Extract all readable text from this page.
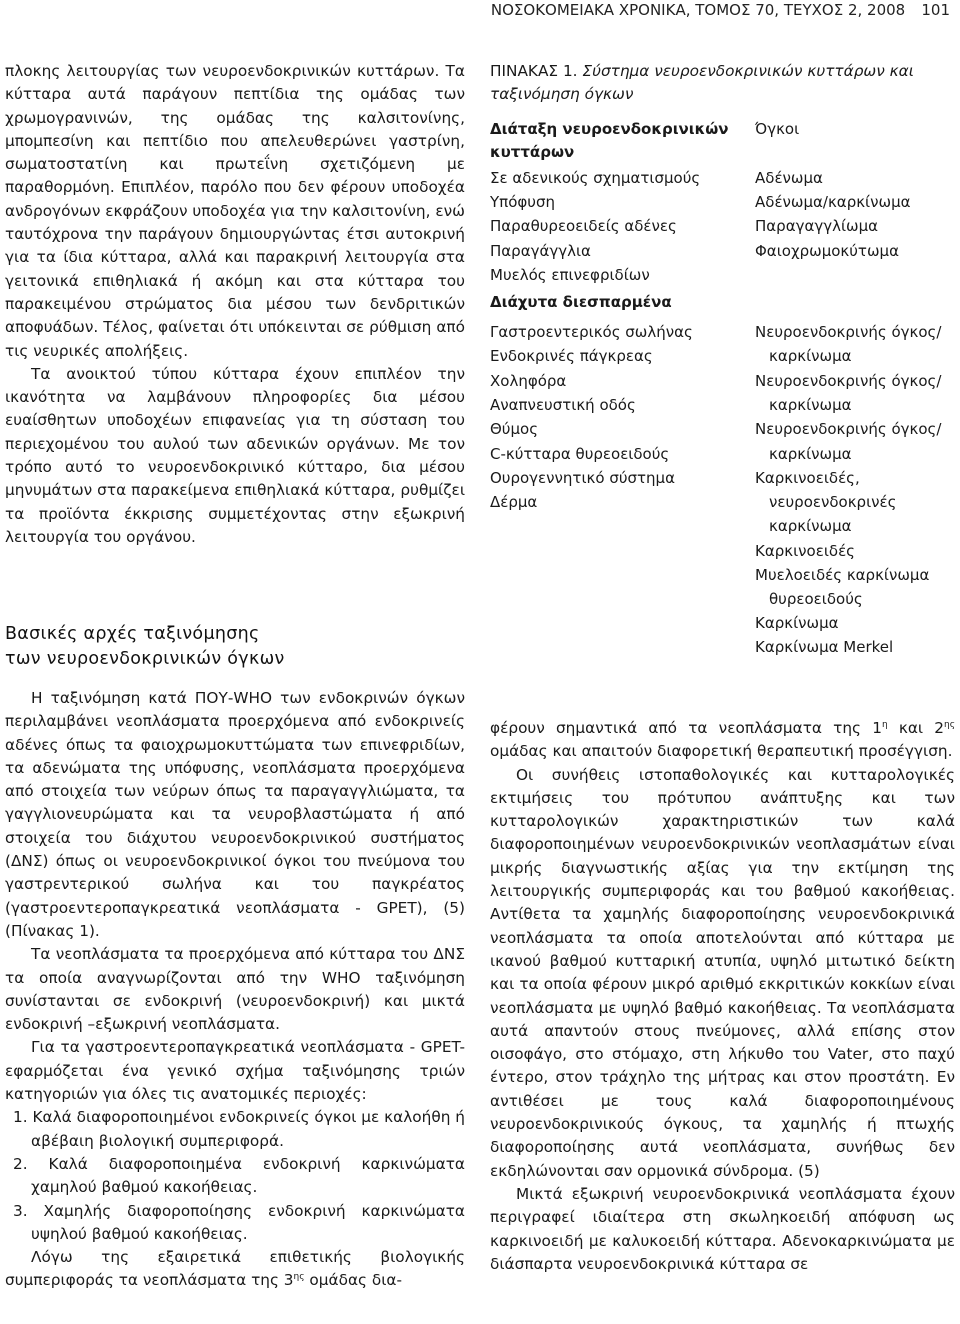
ΝΟΣΟΚΟΜΕΙΑΚΑ ΧΡΟΝΙΚΑ, ΤΟΜΟΣ 70, ΤΕΥΧΟΣ 2, 2008 101

πλοκης λειτουργίας των νευροενδοκρινικών κυττάρων. Τα κύτταρα αυτά παράγουν πεπτίδια της ομάδας των χρωμογρανινών, της ομάδας της καλσιτονίνης, μπομπεσίνη και πεπτίδιο που απελευθερώνει γαστρίνη, σωματοστατίνη και πρωτεΐνη σχετιζόμενη με παραθορμόνη. Επιπλέον, παρόλο που δεν φέρουν υποδοχέα ανδρογόνων εκφράζουν υποδοχέα για την καλσιτονίνη, ενώ ταυτόχρονα την παράγουν δημιουργώντας έτσι αυτοκρινή για τα ίδια κύτταρα, αλλά και παρακρινή λειτουργία στα γειτονικά επιθηλιακά ή ακόμη και στα κύτταρα του παρακειμένου στρώματος δια μέσου των δενδριτικών αποφυάδων. Τέλος, φαίνεται ότι υπόκεινται σε ρύθμιση από τις νευρικές απολήξεις.

Τα ανοικτού τύπου κύτταρα έχουν επιπλέον την ικανότητα να λαμβάνουν πληροφορίες δια μέσου ευαίσθητων υποδοχέων επιφανείας για τη σύσταση του περιεχομένου του αυλού των αδενικών οργάνων. Με τον τρόπο αυτό το νευροενδοκρινικό κύτταρο, δια μέσου μηνυμάτων στα παρακείμενα επιθηλιακά κύτταρα, ρυθμίζει τα προϊόντα έκκρισης συμμετέχοντας στην εξωκρινή λειτουργία του οργάνου.

Βασικές αρχές ταξινόμησης
των νευροενδοκρινικών όγκων
ΠΙΝΑΚΑΣ 1. Σύστημα νευροενδοκρινικών κυττάρων και ταξινόμηση όγκων
Διάταξη νευροενδοκρινικών
κυττάρων
Όγκοι
Σε αδενικούς σχηματισμούς
Υπόφυση
Παραθυρεοειδείς αδένες
Παραγάγγλια
Μυελός επινεφριδίων
Διάχυτα διεσπαρμένα
Γαστροεντερικός σωλήνας
Ενδοκρινές πάγκρεας
Χοληφόρα
Αναπνευστική οδός
Θύμος
C-κύτταρα θυρεοειδούς
Ουρογεννητικό σύστημα
Δέρμα
Αδένωμα
Αδένωμα/καρκίνωμα
Παραγαγγλίωμα
Φαιοχρωμοκύτωμα
Νευροενδοκρινής όγκος/
καρκίνωμα
Νευροενδοκρινής όγκος/
καρκίνωμα
Νευροενδοκρινής όγκος/
καρκίνωμα
Καρκινοειδές,
νευροενδοκρινές
καρκίνωμα
Καρκινοειδές
Μυελοειδές καρκίνωμα
θυρεοειδούς
Καρκίνωμα
Καρκίνωμα Merkel

Η ταξινόμηση κατά ΠΟΥ-WHO των ενδοκρινών όγκων περιλαμβάνει νεοπλάσματα προερχόμενα από ενδοκρινείς αδένες όπως τα φαιοχρωμοκυττώματα των επινεφριδίων, τα αδενώματα της υπόφυσης, νεοπλάσματα προερχόμενα από στοιχεία των νεύρων όπως τα παραγαγγλιώματα, τα γαγγλιονευρώματα και τα νευροβλαστώματα ή από στοιχεία του διάχυτου νευροενδοκρινικού συστήματος (ΔΝΣ) όπως οι νευροενδοκρινικοί όγκοι του πνεύμονα του γαστρεντερικού σωλήνα και του παγκρέατος (γαστροεντεροπαγκρεατικά νεοπλάσματα - GPET), (5) (Πίνακας 1).

Τα νεοπλάσματα τα προερχόμενα από κύτταρα του ΔΝΣ τα οποία αναγνωρίζονται από την WHO ταξινόμηση συνίστανται σε ενδοκρινή (νευροενδοκρινή) και μικτά ενδοκρινή –εξωκρινή νεοπλάσματα.

Για τα γαστροεντεροπαγκρεατικά νεοπλάσματα - GPET- εφαρμόζεται ένα γενικό σχήμα ταξινόμησης τριών κατηγοριών για όλες τις ανατομικές περιοχές:

1. Καλά διαφοροποιημένοι ενδοκρινείς όγκοι με καλοήθη ή αβέβαιη βιολογική συμπεριφορά.

2. Καλά διαφοροποιημένα ενδοκρινή καρκινώματα χαμηλού βαθμού κακοήθειας.

3. Χαμηλής διαφοροποίησης ενδοκρινή καρκινώματα υψηλού βαθμού κακοήθειας.

Λόγω της εξαιρετικά επιθετικής βιολογικής συμπεριφοράς τα νεοπλάσματα της $3^{\eta\varsigma}$ ομάδας δια-

φέρουν σημαντικά από τα νεοπλάσματα της $1^\eta$ και $2^{\eta\varsigma}$ ομάδας και απαιτούν διαφορετική θεραπευτική προσέγγιση.

Οι συνήθεις ιστοπαθολογικές και κυτταρολογικές εκτιμήσεις του πρότυπου ανάπτυξης και των κυτταρολογικών χαρακτηριστικών των καλά διαφοροποιημένων νευροενδοκρινικών νεοπλασμάτων είναι μικρής διαγνωστικής αξίας για την εκτίμηση της λειτουργικής συμπεριφοράς και του βαθμού κακοήθειας. Αντίθετα τα χαμηλής διαφοροποίησης νευροενδοκρινικά νεοπλάσματα τα οποία αποτελούνται από κύτταρα με ικανού βαθμού κυτταρική ατυπία, υψηλό μιτωτικό δείκτη και τα οποία φέρουν μικρό αριθμό εκκριτικών κοκκίων είναι νεοπλάσματα με υψηλό βαθμό κακοήθειας. Τα νεοπλάσματα αυτά απαντούν στους πνεύμονες, αλλά επίσης στον οισοφάγο, στο στόμαχο, στη λήκυθο του Vater, στο παχύ έντερο, στον τράχηλο της μήτρας και στον προστάτη. Εν αντιθέσει με τους καλά διαφοροποιημένους νευροενδοκρινικούς όγκους, τα χαμηλής ή πτωχής διαφοροποίησης αυτά νεοπλάσματα, συνήθως δεν εκδηλώνονται σαν ορμονικά σύνδρομα. (5)

Μικτά εξωκρινή νευροενδοκρινικά νεοπλάσματα έχουν περιγραφεί ιδιαίτερα στη σκωληκοειδή απόφυση ως καρκινοειδή με καλυκοειδή κύτταρα. Αδενοκαρκινώματα με διάσπαρτα νευροενδοκρινικά κύτταρα σε
